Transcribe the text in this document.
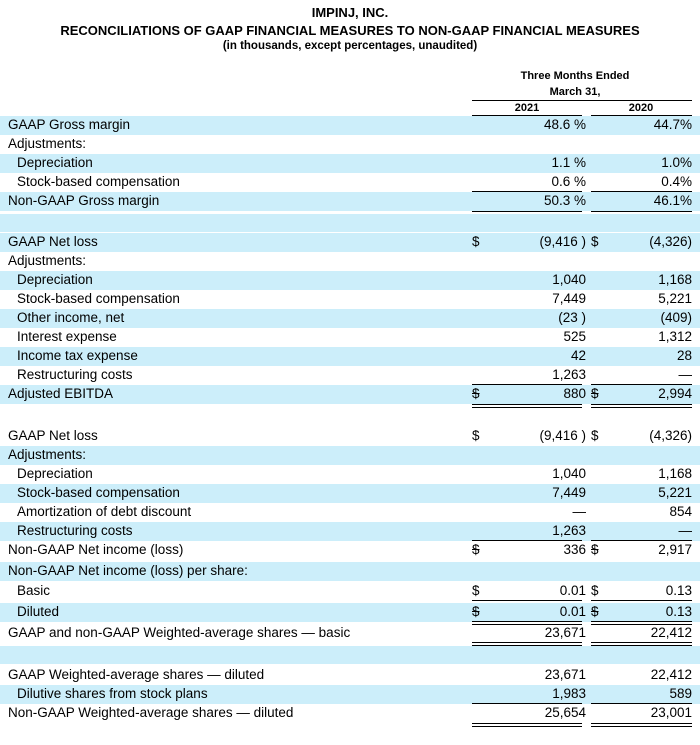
IMPINJ, INC.
RECONCILIATIONS OF GAAP FINANCIAL MEASURES TO NON-GAAP FINANCIAL MEASURES
(in thousands, except percentages, unaudited)
Three Months Ended
March 31,
2021	2020
GAAP Gross margin	48.6 %	44.7%
Adjustments:
Depreciation	1.1 %	1.0%
Stock-based compensation	0.6 %	0.4%
Non-GAAP Gross margin	50.3 %	46.1%
GAAP Net loss	$	(9,416 ) $	(4,326)
Adjustments:
Depreciation	1,040	1,168
Stock-based compensation	7,449	5,221
Other income, net	(23 )	(409)
Interest expense	525	1,312
Income tax expense	42	28
Restructuring costs	1,263	—
Adjusted EBITDA	$	880 $	2,994
GAAP Net loss	$	(9,416 ) $	(4,326)
Adjustments:
Depreciation	1,040	1,168
Stock-based compensation	7,449	5,221
Amortization of debt discount	—	854
Restructuring costs	1,263	—
Non-GAAP Net income (loss)	$	336 $	2,917
Non-GAAP Net income (loss) per share:
Basic	$	0.01 $	0.13
Diluted	$	0.01 $	0.13
GAAP and non-GAAP Weighted-average shares — basic	23,671	22,412
GAAP Weighted-average shares — diluted	23,671	22,412
Dilutive shares from stock plans	1,983	589
Non-GAAP Weighted-average shares — diluted	25,654	23,001
